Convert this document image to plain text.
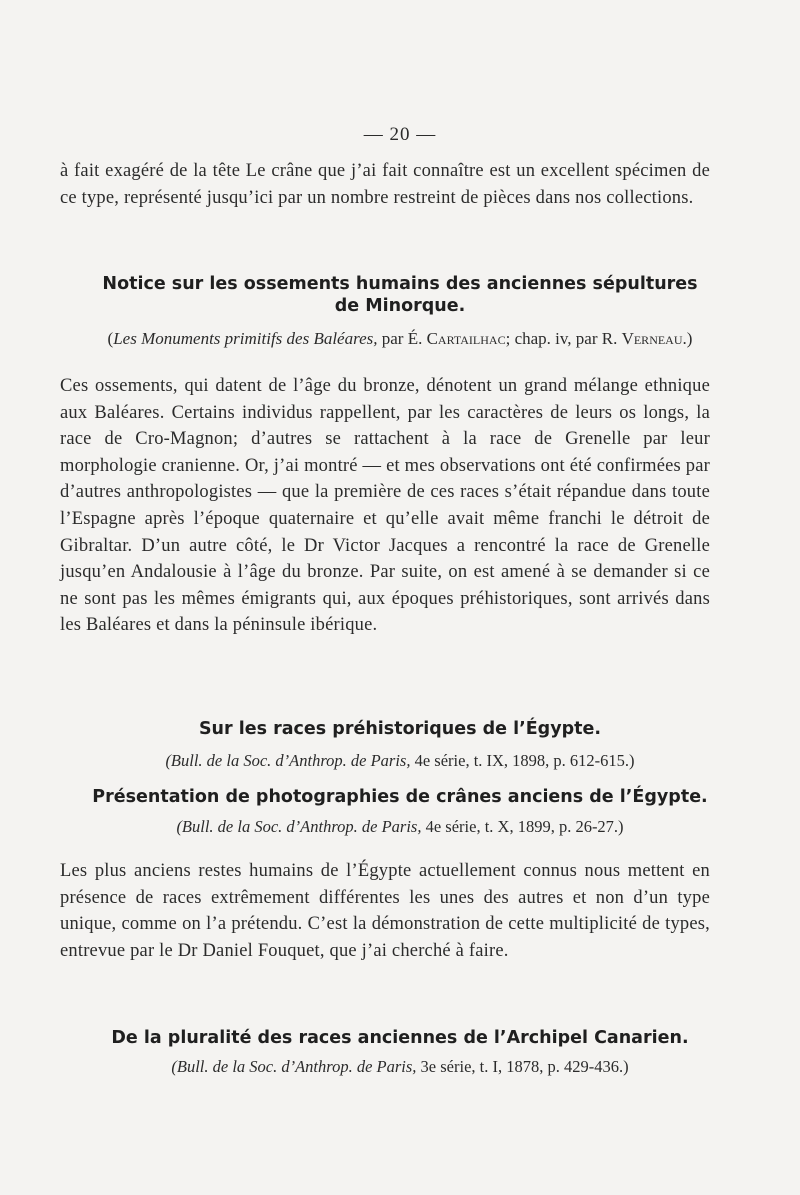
— 20 —
à fait exagéré de la tête Le crâne que j’ai fait connaître est un excellent spécimen de ce type, représenté jusqu’ici par un nombre restreint de pièces dans nos collections.
Notice sur les ossements humains des anciennes sépultures
de Minorque.
(Les Monuments primitifs des Baléares, par É. Cartailhac; chap. iv, par R. Verneau.)
Ces ossements, qui datent de l’âge du bronze, dénotent un grand mélange ethnique aux Baléares. Certains individus rappellent, par les caractères de leurs os longs, la race de Cro-Magnon; d’autres se rattachent à la race de Grenelle par leur morphologie cranienne. Or, j’ai montré — et mes observations ont été confirmées par d’autres anthropologistes — que la première de ces races s’était répandue dans toute l’Espagne après l’époque quaternaire et qu’elle avait même franchi le détroit de Gibraltar. D’un autre côté, le Dr Victor Jacques a rencontré la race de Grenelle jusqu’en Andalousie à l’âge du bronze. Par suite, on est amené à se demander si ce ne sont pas les mêmes émigrants qui, aux époques préhistoriques, sont arrivés dans les Baléares et dans la péninsule ibérique.
Sur les races préhistoriques de l’Égypte.
(Bull. de la Soc. d’Anthrop. de Paris, 4e série, t. IX, 1898, p. 612-615.)
Présentation de photographies de crânes anciens de l’Égypte.
(Bull. de la Soc. d’Anthrop. de Paris, 4e série, t. X, 1899, p. 26-27.)
Les plus anciens restes humains de l’Égypte actuellement connus nous mettent en présence de races extrêmement différentes les unes des autres et non d’un type unique, comme on l’a prétendu. C’est la démonstration de cette multiplicité de types, entrevue par le Dr Daniel Fouquet, que j’ai cherché à faire.
De la pluralité des races anciennes de l’Archipel Canarien.
(Bull. de la Soc. d’Anthrop. de Paris, 3e série, t. I, 1878, p. 429-436.)
